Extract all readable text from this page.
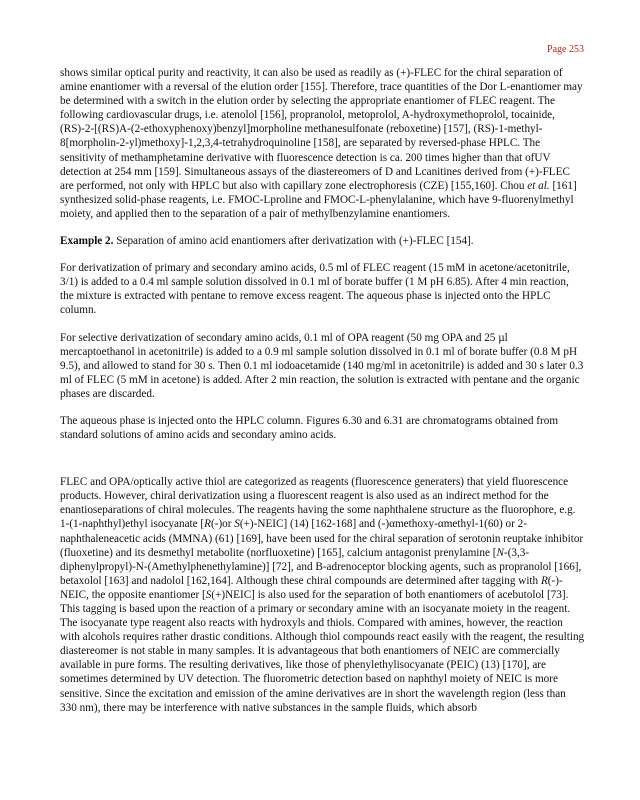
Page 253

shows similar optical purity and reactivity, it can also be used as readily as (+)-FLEC for the chiral separation of amine enantiomer with a reversal of the elution order [155]. Therefore, trace quantities of the Dor L-enantiomer may be determined with a switch in the elution order by selecting the appropriate enantiomer of FLEC reagent. The following cardiovascular drugs, i.e. atenolol [156], propranolol, metoprolol, A-hydroxymethoprolol, tocainide, (RS)-2-[(RS)A-(2-ethoxyphenoxy)benzyl]morpholine methanesulfonate (reboxetine) [157], (RS)-1-methyl-8[morpholin-2-yl)methoxy]-1,2,3,4-tetrahydroquinoline [158], are separated by reversed-phase HPLC. The sensitivity of methamphetamine derivative with fluorescence detection is ca. 200 times higher than that ofUV detection at 254 mm [159]. Simultaneous assays of the diastereomers of D and Lcanitines derived from (+)-FLEC are performed, not only with HPLC but also with capillary zone electrophoresis (CZE) [155,160]. Chou et al. [161] synthesized solid-phase reagents, i.e. FMOC-Lproline and FMOC-L-phenylalanine, which have 9-fluorenylmethyl moiety, and applied then to the separation of a pair of methylbenzylamine enantiomers.

Example 2. Separation of amino acid enantiomers after derivatization with (+)-FLEC [154].

For derivatization of primary and secondary amino acids, 0.5 ml of FLEC reagent (15 mM in acetone/acetonitrile, 3/1) is added to a 0.4 ml sample solution dissolved in 0.1 ml of borate buffer (1 M pH 6.85). After 4 min reaction, the mixture is extracted with pentane to remove excess reagent. The aqueous phase is injected onto the HPLC column.

For selective derivatization of secondary amino acids, 0.1 ml of OPA reagent (50 mg OPA and 25 µl mercaptoethanol in acetonitrile) is added to a 0.9 ml sample solution dissolved in 0.1 ml of borate buffer (0.8 M pH 9.5), and allowed to stand for 30 s. Then 0.1 ml iodoacetamide (140 mg/ml in acetonitrile) is added and 30 s later 0.3 ml of FLEC (5 mM in acetone) is added. After 2 min reaction, the solution is extracted with pentane and the organic phases are discarded.

The aqueous phase is injected onto the HPLC column. Figures 6.30 and 6.31 are chromatograms obtained from standard solutions of amino acids and secondary amino acids.

FLEC and OPA/optically active thiol are categorized as reagents (fluorescence generaters) that yield fluorescence products. However, chiral derivatization using a fluorescent reagent is also used as an indirect method for the enantioseparations of chiral molecules. The reagents having the some naphthalene structure as the fluorophore, e.g. 1-(1-naphthyl)ethyl isocyanate [R(-)or S(+)-NEIC] (14) [162-168] and (-)αmethoxy-αmethyl-1(60) or 2-naphthaleneacetic acids (MMNA) (61) [169], have been used for the chiral separation of serotonin reuptake inhibitor (fluoxetine) and its desmethyl metabolite (norfluoxetine) [165], calcium antagonist prenylamine [N-(3,3-diphenylpropyl)-N-(Amethylphenethylamine)] [72], and B-adrenoceptor blocking agents, such as propranolol [166], betaxolol [163] and nadolol [162,164]. Although these chiral compounds are determined after tagging with R(-)-NEIC, the opposite enantiomer [S(+)NEIC] is also used for the separation of both enantiomers of acebutolol [73]. This tagging is based upon the reaction of a primary or secondary amine with an isocyanate moiety in the reagent. The isocyanate type reagent also reacts with hydroxyls and thiols. Compared with amines, however, the reaction with alcohols requires rather drastic conditions. Although thiol compounds react easily with the reagent, the resulting diastereomer is not stable in many samples. It is advantageous that both enantiomers of NEIC are commercially available in pure forms. The resulting derivatives, like those of phenylethylisocyanate (PEIC) (13) [170], are sometimes determined by UV detection. The fluorometric detection based on naphthyl moiety of NEIC is more sensitive. Since the excitation and emission of the amine derivatives are in short the wavelength region (less than 330 nm), there may be interference with native substances in the sample fluids, which absorb
